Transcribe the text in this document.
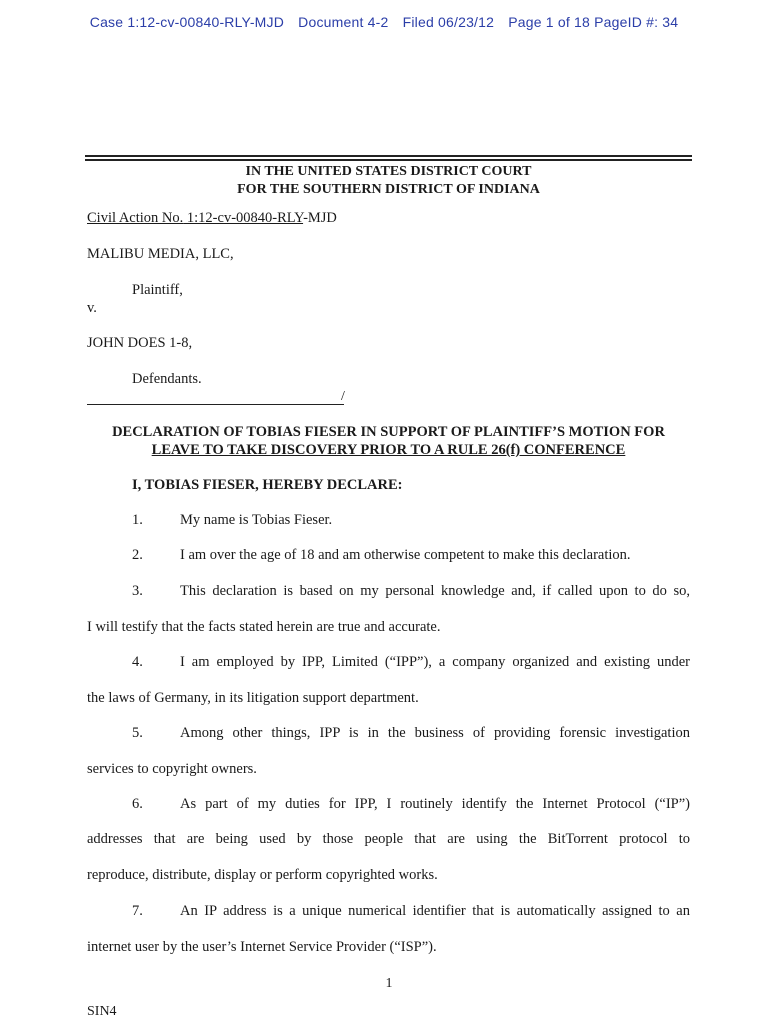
Case 1:12-cv-00840-RLY-MJD Document 4-2 Filed 06/23/12 Page 1 of 18 PageID #: 34
IN THE UNITED STATES DISTRICT COURT
FOR THE SOUTHERN DISTRICT OF INDIANA
Civil Action No. 1:12-cv-00840-RLY-MJD
MALIBU MEDIA, LLC,
Plaintiff,
v.
JOHN DOES 1-8,
Defendants.
/
DECLARATION OF TOBIAS FIESER IN SUPPORT OF PLAINTIFF’S MOTION FOR
LEAVE TO TAKE DISCOVERY PRIOR TO A RULE 26(f) CONFERENCE
I, TOBIAS FIESER, HEREBY DECLARE:
1.	My name is Tobias Fieser.
2.	I am over the age of 18 and am otherwise competent to make this declaration.
3.	This declaration is based on my personal knowledge and, if called upon to do so,
I will testify that the facts stated herein are true and accurate.
4.	I am employed by IPP, Limited (“IPP”), a company organized and existing under
the laws of Germany, in its litigation support department.
5.	Among other things, IPP is in the business of providing forensic investigation
services to copyright owners.
6.	As part of my duties for IPP, I routinely identify the Internet Protocol (“IP”)
addresses that are being used by those people that are using the BitTorrent protocol to
reproduce, distribute, display or perform copyrighted works.
7.	An IP address is a unique numerical identifier that is automatically assigned to an
internet user by the user’s Internet Service Provider (“ISP”).
1
SIN4
